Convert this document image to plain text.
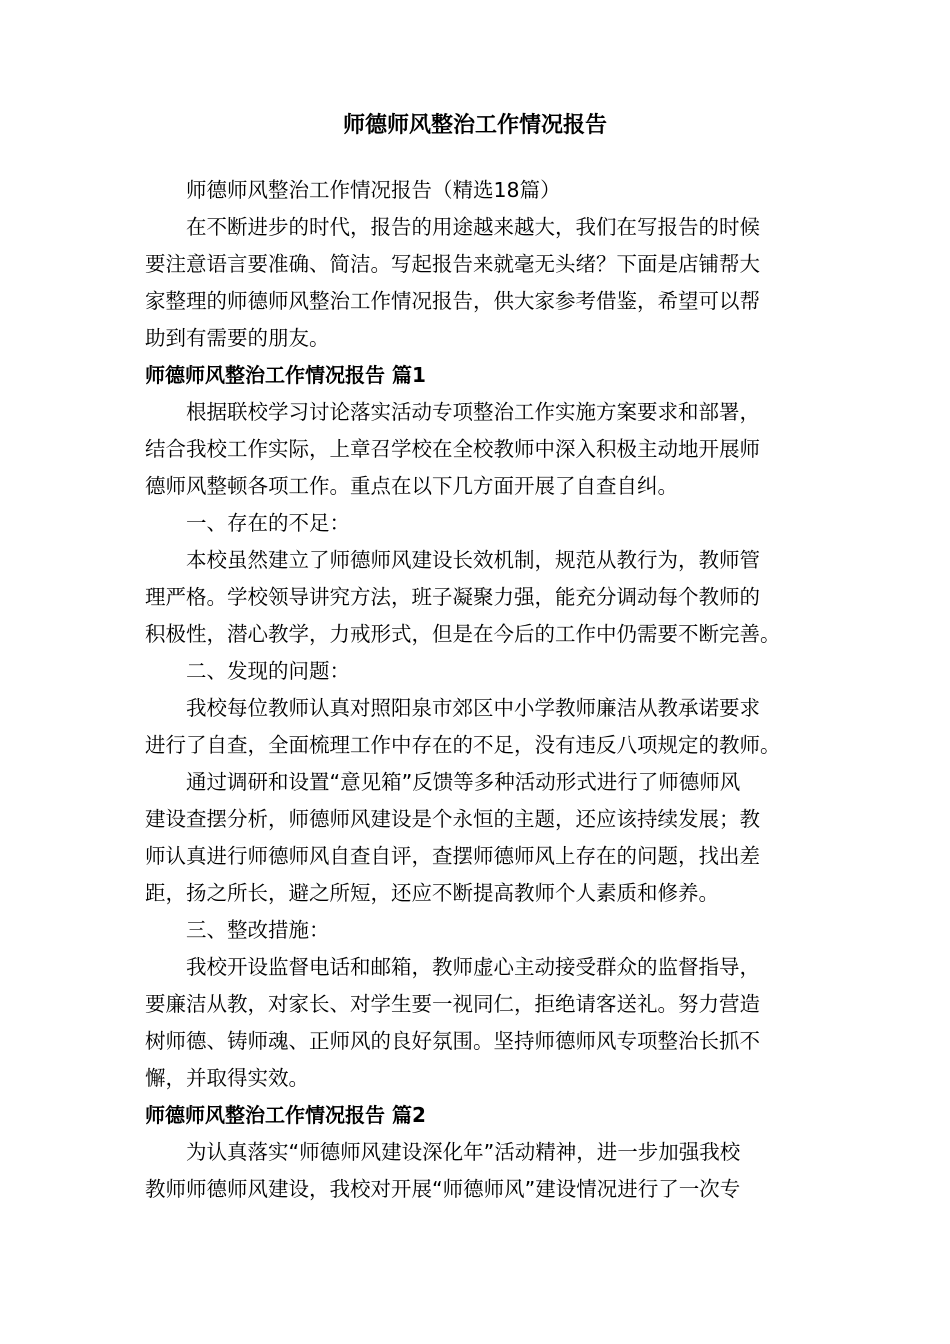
师德师风整治工作情况报告
师德师风整治工作情况报告（精选18篇）
在不断进步的时代，报告的用途越来越大，我们在写报告的时候
要注意语言要准确、简洁。写起报告来就毫无头绪？下面是店铺帮大
家整理的师德师风整治工作情况报告，供大家参考借鉴，希望可以帮
助到有需要的朋友。
师德师风整治工作情况报告 篇1
根据联校学习讨论落实活动专项整治工作实施方案要求和部署，
结合我校工作实际，上章召学校在全校教师中深入积极主动地开展师
德师风整顿各项工作。重点在以下几方面开展了自查自纠。
一、存在的不足：
本校虽然建立了师德师风建设长效机制，规范从教行为，教师管
理严格。学校领导讲究方法，班子凝聚力强，能充分调动每个教师的
积极性，潜心教学，力戒形式，但是在今后的工作中仍需要不断完善。
二、发现的问题：
我校每位教师认真对照阳泉市郊区中小学教师廉洁从教承诺要求
进行了自查，全面梳理工作中存在的不足，没有违反八项规定的教师。
通过调研和设置“意见箱”反馈等多种活动形式进行了师德师风
建设查摆分析，师德师风建设是个永恒的主题，还应该持续发展；教
师认真进行师德师风自查自评，查摆师德师风上存在的问题，找出差
距，扬之所长，避之所短，还应不断提高教师个人素质和修养。
三、整改措施：
我校开设监督电话和邮箱，教师虚心主动接受群众的监督指导，
要廉洁从教，对家长、对学生要一视同仁，拒绝请客送礼。努力营造
树师德、铸师魂、正师风的良好氛围。坚持师德师风专项整治长抓不
懈，并取得实效。
师德师风整治工作情况报告 篇2
为认真落实“师德师风建设深化年”活动精神，进一步加强我校
教师师德师风建设，我校对开展“师德师风”建设情况进行了一次专
